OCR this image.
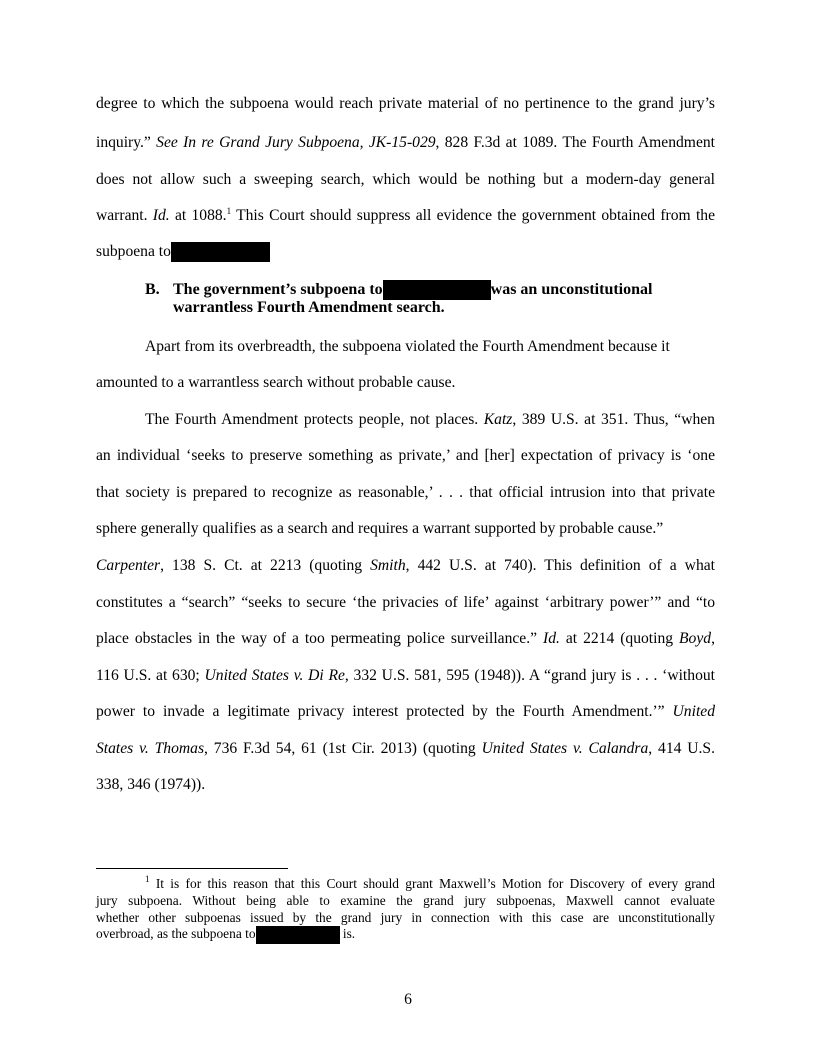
6
degree to which the subpoena would reach private material of no pertinence to the grand jury’s
inquiry.” See In re Grand Jury Subpoena, JK-15-029, 828 F.3d at 1089. The Fourth Amendment
does not allow such a sweeping search, which would be nothing but a modern-day general
warrant. Id. at 1088.$^1$ This Court should suppress all evidence the government obtained from the
subpoena to
B. The government’s subpoena to	was an unconstitutional
warrantless Fourth Amendment search.
Apart from its overbreadth, the subpoena violated the Fourth Amendment because it
amounted to a warrantless search without probable cause.
The Fourth Amendment protects people, not places. Katz, 389 U.S. at 351. Thus, “when
an individual ‘seeks to preserve something as private,’ and [her] expectation of privacy is ‘one
that society is prepared to recognize as reasonable,’ . . . that official intrusion into that private
sphere generally qualifies as a search and requires a warrant supported by probable cause.”
Carpenter, 138 S. Ct. at 2213 (quoting Smith, 442 U.S. at 740). This definition of a what
constitutes a “search” “seeks to secure ‘the privacies of life’ against ‘arbitrary power’” and “to
place obstacles in the way of a too permeating police surveillance.” Id. at 2214 (quoting Boyd,
116 U.S. at 630; United States v. Di Re, 332 U.S. 581, 595 (1948)). A “grand jury is . . . ‘without
power to invade a legitimate privacy interest protected by the Fourth Amendment.’” United
States v. Thomas, 736 F.3d 54, 61 (1st Cir. 2013) (quoting United States v. Calandra, 414 U.S.
338, 346 (1974)).
$^1$ It is for this reason that this Court should grant Maxwell’s Motion for Discovery of every grand
jury subpoena. Without being able to examine the grand jury subpoenas, Maxwell cannot evaluate
whether other subpoenas issued by the grand jury in connection with this case are unconstitutionally
overbroad, as the subpoena to	is.
